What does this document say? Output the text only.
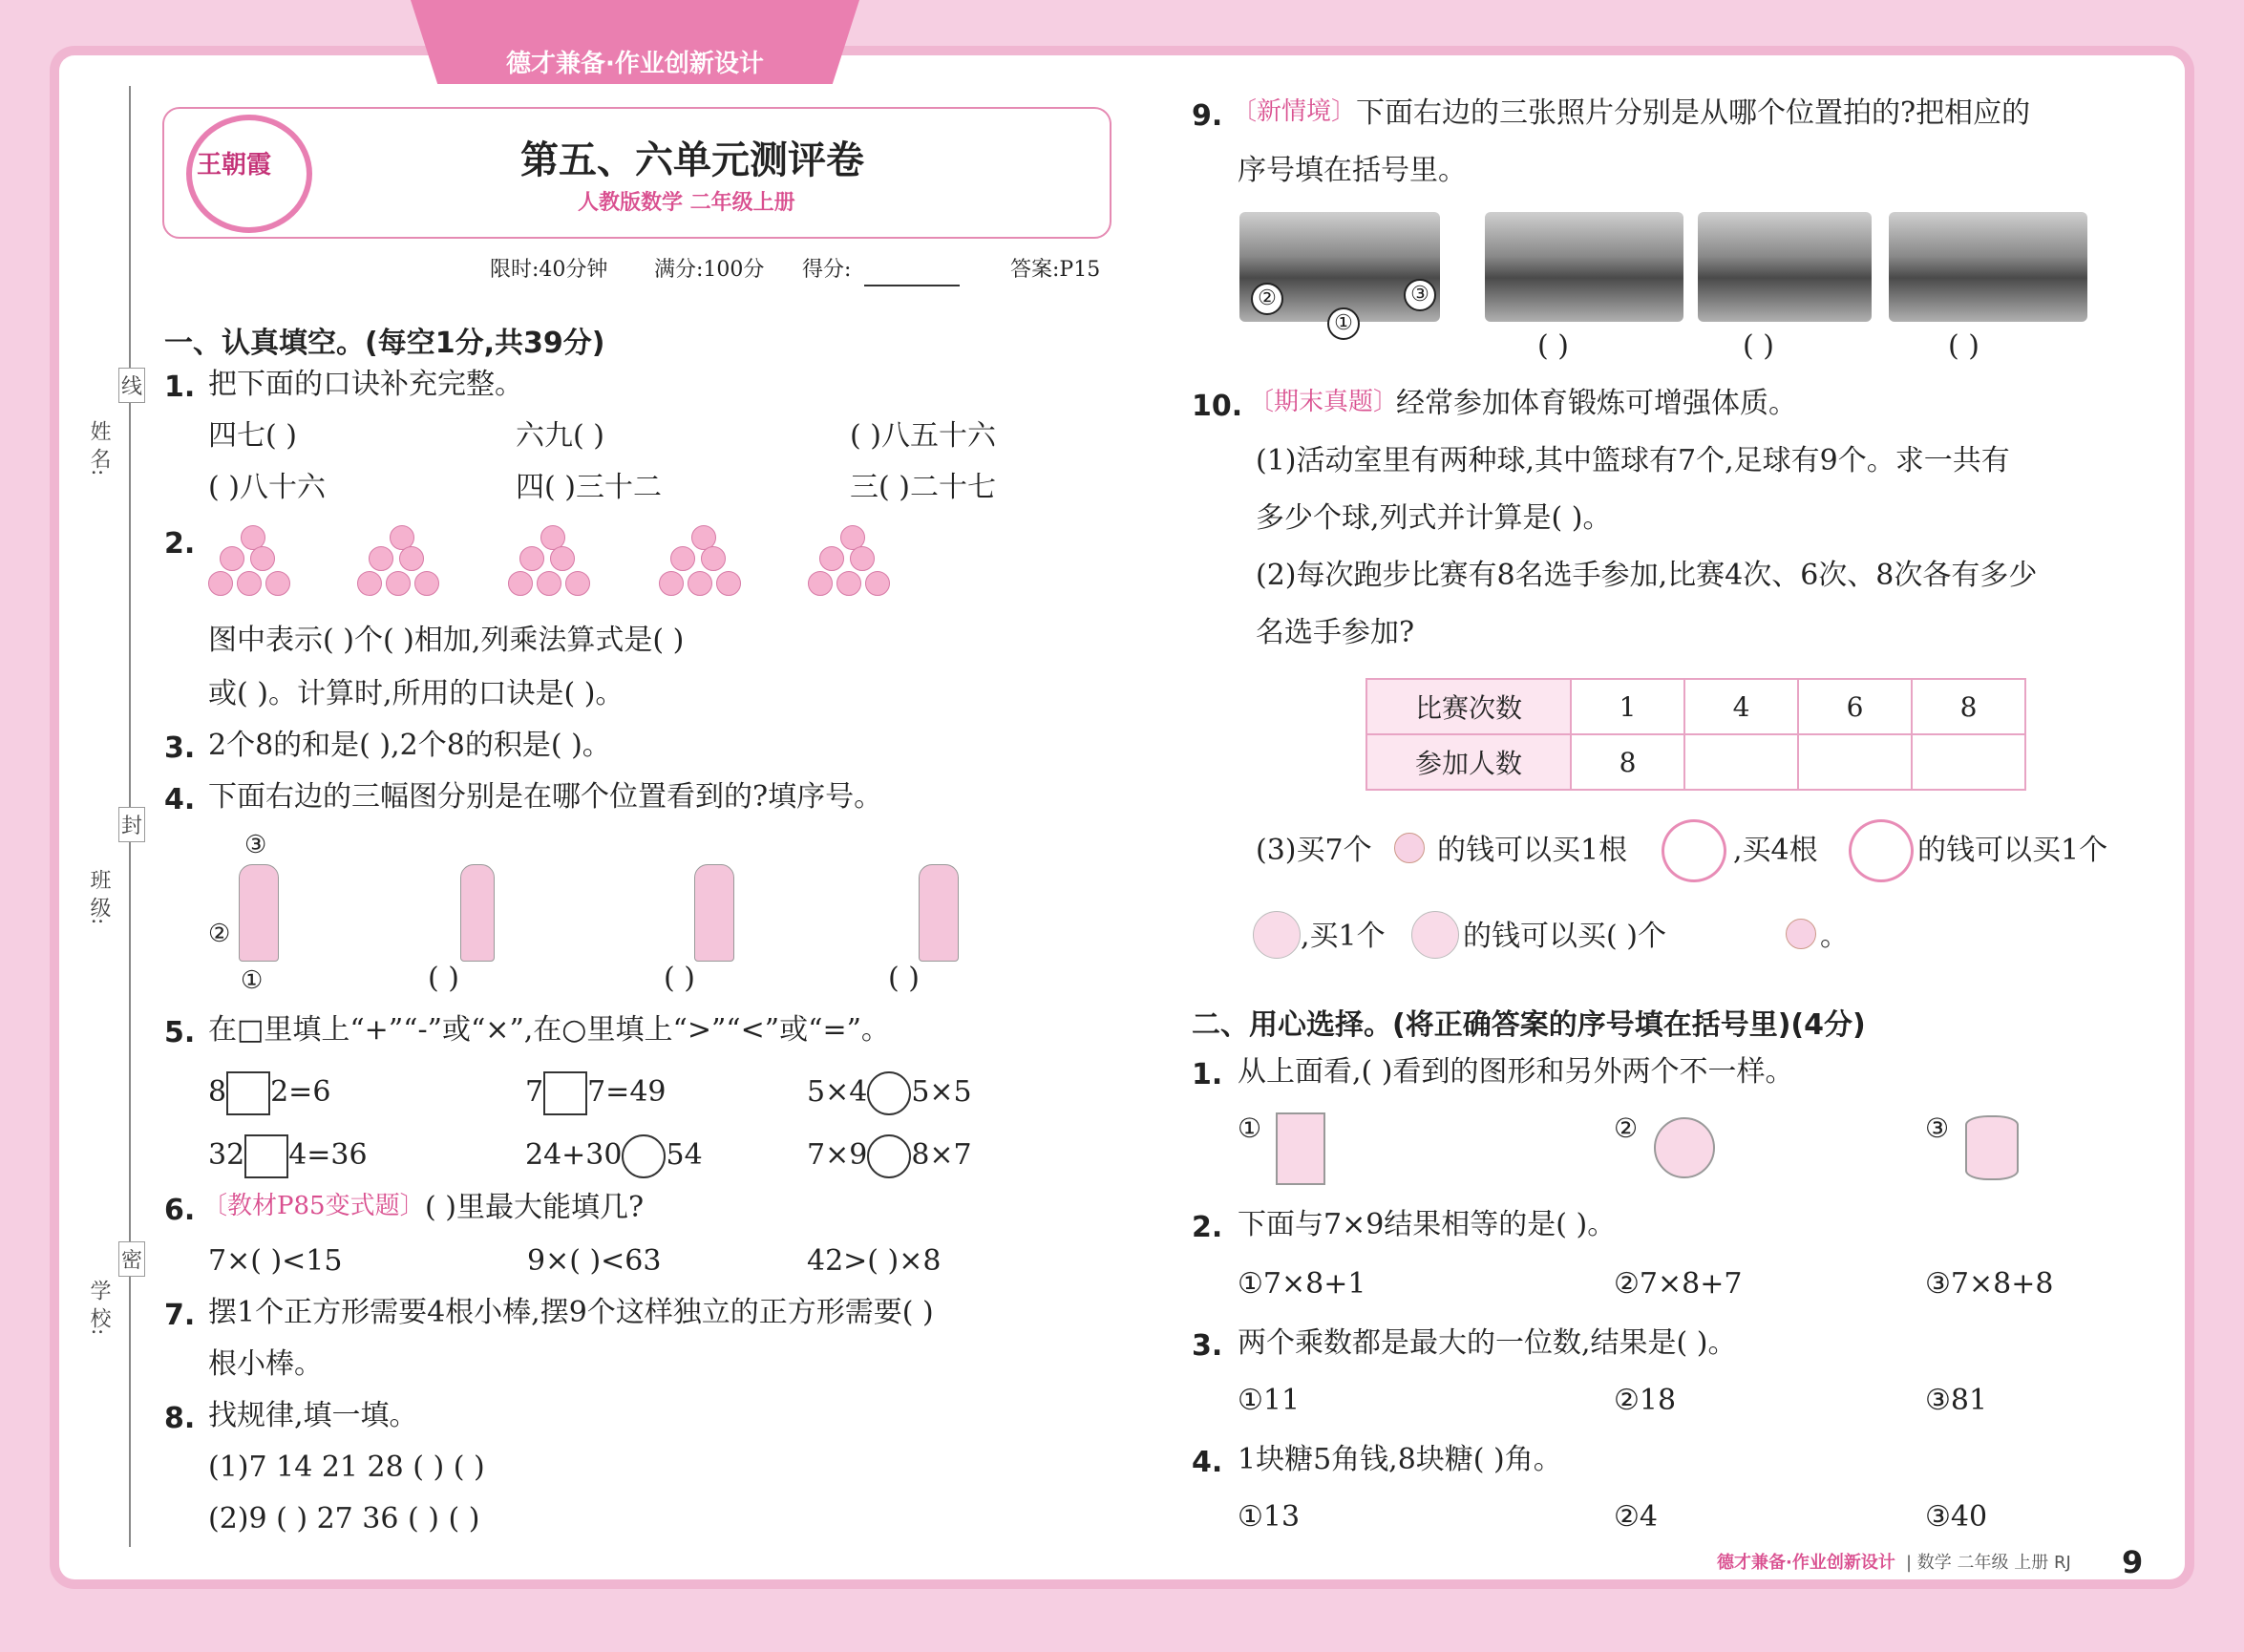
德才兼备·作业创新设计
姓 名:
班 级:
学 校:
线
封
密
王朝霞	第五、六单元测评卷
人教版数学 二年级上册
限时:40分钟 满分:100分 得分:	答案:P15
一、认真填空。(每空1分,共39分)
1. 把下面的口诀补充完整。
四七( )	六九( )	( )八五十六
( )八十六	四( )三十二	三( )二十七
2.
图中表示( )个( )相加,列乘法算式是( )
或( )。计算时,所用的口诀是( )。
3. 2个8的和是( ),2个8的积是( )。
4. 下面右边的三幅图分别是在哪个位置看到的?填序号。
③
②
①	( )	( )	( )
5. 在□里填上“+”“-”或“×”,在○里填上“>”“<”或“=”。
8 2=6	7 7=49	5×4 5×5
32 4=36	24+30 54	7×9 8×7
6. 〔教材P85变式题〕 ( )里最大能填几?
7×( )<15	9×( )<63	42>( )×8
7. 摆1个正方形需要4根小棒,摆9个这样独立的正方形需要( )
根小棒。
8. 找规律,填一填。
(1)7 14 21 28 ( ) ( )
(2)9 ( ) 27 36 ( ) ( )
9. 〔新情境〕 下面右边的三张照片分别是从哪个位置拍的?把相应的
序号填在括号里。
②	③
①
( )	( )	( )
10. 〔期末真题〕
经常参加体育锻炼可增强体质。
(1)活动室里有两种球,其中篮球有7个,足球有9个。求一共有
多少个球,列式并计算是( )。
(2)每次跑步比赛有8名选手参加,比赛4次、6次、8次各有多少
名选手参加?
比赛次数	1	4	6	8
参加人数	8			
(3)买7个 的钱可以买1根	,买4根	的钱可以买1个
,买1个	的钱可以买( )个	。
二、用心选择。(将正确答案的序号填在括号里)(4分)
1. 从上面看,( )看到的图形和另外两个不一样。
①	②	③
2. 下面与7×9结果相等的是( )。
①7×8+1	②7×8+7	③7×8+8
3. 两个乘数都是最大的一位数,结果是( )。
①11	②18	③81
4. 1块糖5角钱,8块糖( )角。
①13	②4	③40
德才兼备·作业创新设计 | 数学 二年级 上册 RJ 9
